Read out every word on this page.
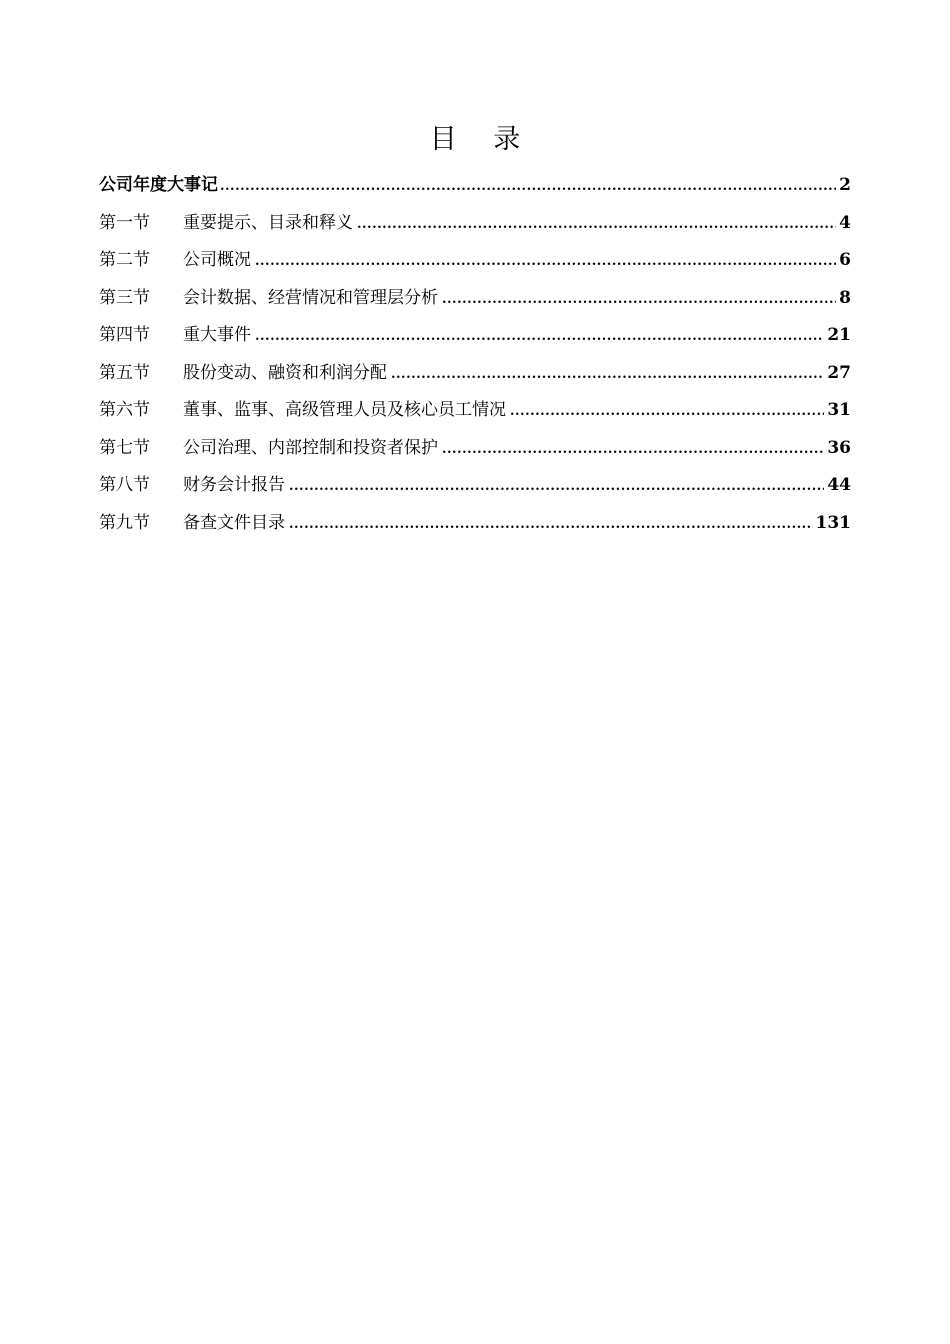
目 录
公司年度大事记 .....	2
第一节	重要提示、目录和释义 .....	4
第二节	公司概况 .....	6
第三节	会计数据、经营情况和管理层分析 .....	8
第四节	重大事件 .....	21
第五节	股份变动、融资和利润分配 .....	27
第六节	董事、监事、高级管理人员及核心员工情况 .....	31
第七节	公司治理、内部控制和投资者保护 .....	36
第八节	财务会计报告 .....	44
第九节	备查文件目录 .....	131
